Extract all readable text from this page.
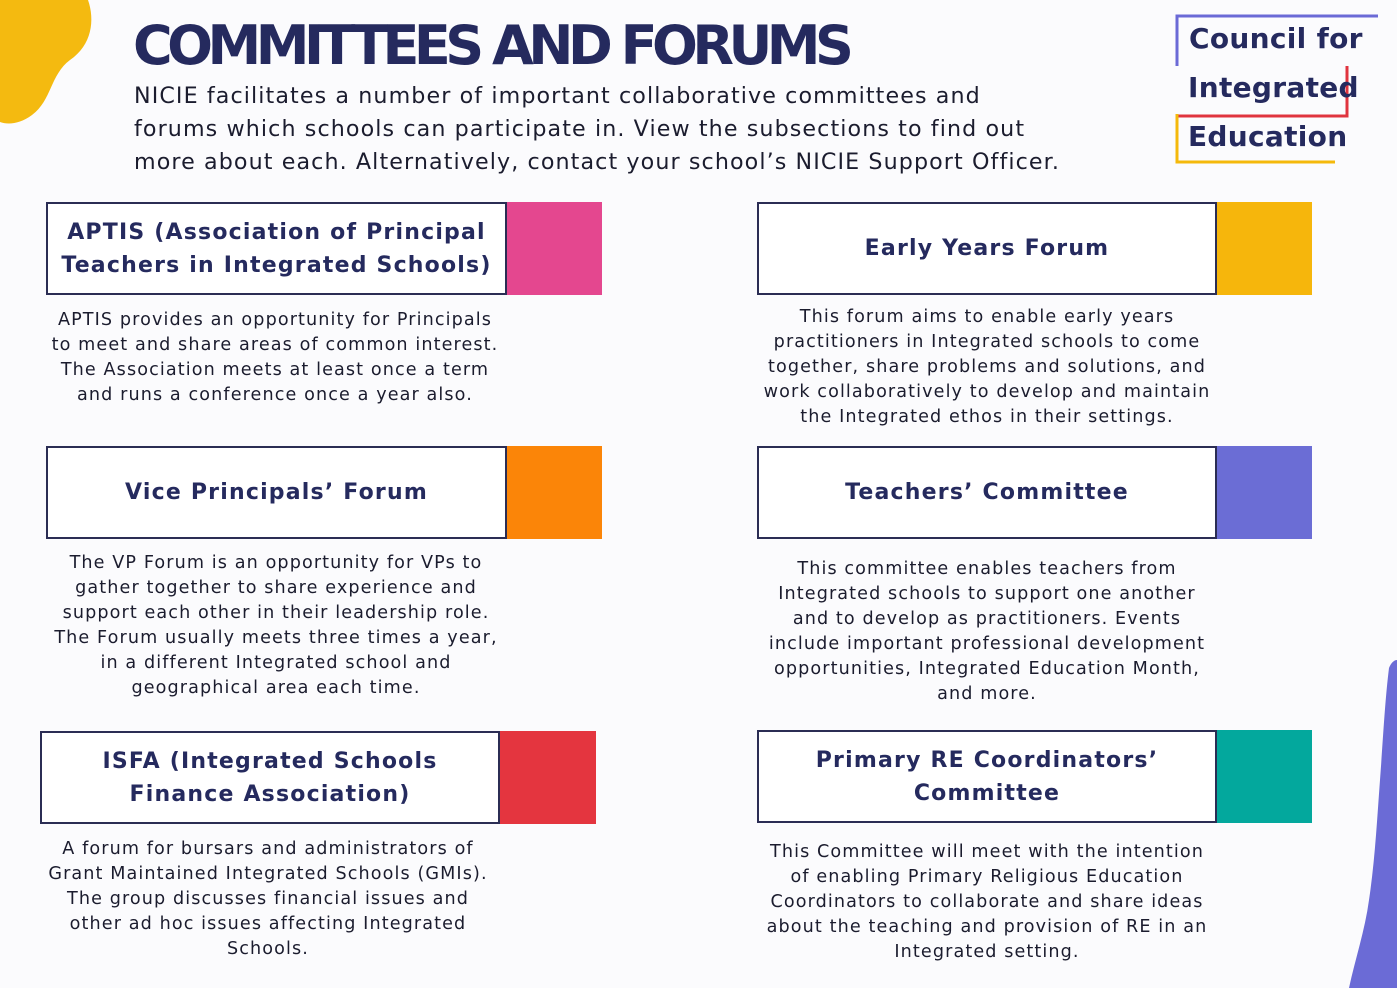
COMMITTEES AND FORUMS

NICIE facilitates a number of important collaborative committees and
forums which schools can participate in. View the subsections to find out
more about each. Alternatively, contact your school’s NICIE Support Officer.

Council for
Integrated
Education
APTIS (Association of Principal
Teachers in Integrated Schools)

APTIS provides an opportunity for Principals
to meet and share areas of common interest.
The Association meets at least once a term
and runs a conference once a year also.

Early Years Forum

This forum aims to enable early years
practitioners in Integrated schools to come
together, share problems and solutions, and
work collaboratively to develop and maintain
the Integrated ethos in their settings.

Vice Principals’ Forum

The VP Forum is an opportunity for VPs to
gather together to share experience and
support each other in their leadership role.
The Forum usually meets three times a year,
in a different Integrated school and
geographical area each time.

Teachers’ Committee

This committee enables teachers from
Integrated schools to support one another
and to develop as practitioners. Events
include important professional development
opportunities, Integrated Education Month,
and more.

ISFA (Integrated Schools
Finance Association)

A forum for bursars and administrators of
Grant Maintained Integrated Schools (GMIs).
The group discusses financial issues and
other ad hoc issues affecting Integrated
Schools.

Primary RE Coordinators’
Committee

This Committee will meet with the intention
of enabling Primary Religious Education
Coordinators to collaborate and share ideas
about the teaching and provision of RE in an
Integrated setting.
